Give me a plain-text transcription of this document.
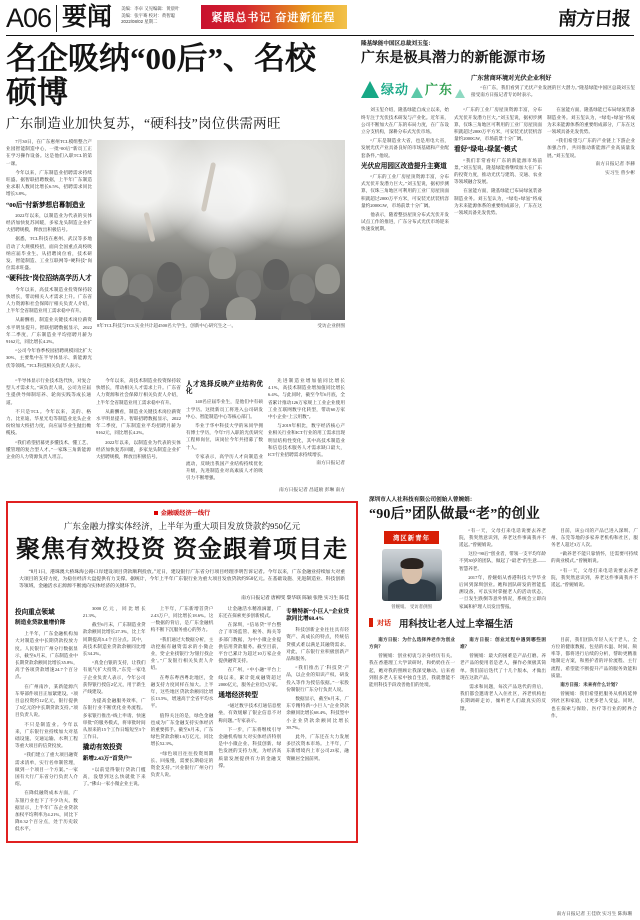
A06 要闻 美编：李卓 又见编辑：黄晨叶
美编：张宇骞 校对：黄智聪
2022/08/02 星期二	紧跟总书记 奋进新征程	南方日报
名企吸纳“00后”、名校硕博
广东制造业加快复苏，“硬科技”岗位供需两旺

7月30日，在广东惠州TCL模组整合产业园智能制造中心，一批“00后”新员工正在学习操作设备。这是他们入职TCL的第一课。

今年以来，广东制造业招聘需求持续旺盛。据智联招聘数据，上半年广东制造业求职人数同比增长6.5%，招聘需求同比增长3.8%。

“00后”付新梦想启幕制造业

2022年以来，以制造业为代表的实体经济加快复苏回暖，多家龙头制造企业扩大招聘规模，释放出积极信号。

据悉，TCL科技在惠州、武汉等多地启动了大规模校招，面向全国重点高校吸纳应届毕业生。从招聘岗位看，技术研发、智能制造、工业互联网等“硬科技”岗位需求旺盛。

“硬科技”岗位招纳高学历人才

今年以来，高技术制造业投资保持较快增长，带动相关人才需求上升。广东省人力资源和社会保障厅相关负责人介绍，上半年全省制造业用工需求稳中有升。

从薪酬看，制造业关键技术岗位薪资水平明显提升。智联招聘数据显示，2022年二季度，广东制造业平均招聘月薪为9162元，同比增长4.2%。

“公司今年春季校园招聘规模同比扩大30%，主要集中在半导体显示、新能源光伏等领域。”TCL科技相关负责人表示。

8年TCL科技与TCL实业共计超4500名大学生、创新中心研究生之一。	受访企业供图

“半导体显示行业技术迭代快，对复合型人才需求大。”该负责人说，公司为应届生提供导师制培养、轮岗实践等成长通道。

不只是TCL。今年以来，美的、格力、比亚迪、华星光电等制造业龙头企业纷纷加大校招力度，向应届毕业生抛出橄榄枝。

“我们希望招募更多懂技术、懂工艺、懂管理的复合型人才。”一家珠三角新能源企业的人力资源负责人坦言。

今年以来，高技术制造业投资保持较快增长，带动相关人才需求上升。广东省人力资源和社会保障厅相关负责人介绍，上半年全省制造业用工需求稳中有升。

从薪酬看，制造业关键技术岗位薪资水平明显提升。智联招聘数据显示，2022年二季度，广东制造业平均招聘月薪为9162元，同比增长4.2%。

2022年以来，以制造业为代表的实体经济加快复苏回暖，多家龙头制造企业扩大招聘规模，释放出积极信号。

人才选择反映产业结构优化

140名应届毕业生，是他们中有硕士学历。这批新员工将进入公司研发中心、智能制造中心等核心部门。

毕业于华中科技大学的朱同学拥有博士学历，今年7月入职的光伏研究工程师岗位，该岗位今年共招募了数十人。

专家表示，高学历人才向制造业流动，反映出我国产业结构持续优化升级，先进制造业对高素质人才的吸引力不断增强。

先进制造业增加值同比增长4.1%，高技术制造业增加值同比增长6.4%。与此同时，截至今年6月底，全省累计推动126万家规上工业企业使用工业互联网数字化转型，带动60万家中小企业“上云用数”。

与2019年相比，数字经济核心产业相关行业和ICT行业的用工需求出现明显结构性变化，其中高技术制造业和信息技术服务人才需求缺口最大，ICT行业招聘需求持续增长。

南方日报记者
南方日报记者 昌道励 彭琳 南方
隆基绿能中国区总裁刘玉玺：
广东是极具潜力的新能源市场
绿动 广东
广东营商环境对光伏企业利好

“在广东，我们看到了光伏产业发展的巨大潜力。”隆基绿能中国区总裁刘玉玺接受南方日报记者专访时表示。

刘玉玺介绍，隆基绿能自成立以来，始终专注于光伏技术研发与产业化。近年来，公司不断加大在广东的布局力度，在广东设立分支机构，深耕分布式光伏市场。

“广东是制造业大省，也是用电大省，发展光伏产业具备良好的市场基础和产业配套条件。”他说。

光伏应用园区改造提升主赛道

“广东的工业厂房屋顶资源丰富，分布式光伏开发潜力巨大。”刘玉玺说，据初步测算，仅珠三角地区可利用的工业厂房屋顶面积就超过2000万平方米，可安装光伏装机容量约2000GW，市场前景十分广阔。

他表示，随着整县屋顶分布式光伏开发试点工作的推进，广东分布式光伏市场迎来快速发展期。

“广东的工业厂房屋顶资源丰富，分布式光伏开发潜力巨大。”刘玉玺说，据初步测算，仅珠三角地区可利用的工业厂房屋顶面积就超过2000万平方米，可安装光伏装机容量约2000GW，市场前景十分广阔。

看好“绿电+绿氢”模式

“我们非常看好广东的新能源市场前景。”刘玉玺说，隆基绿能将继续加大在广东的投资力度，推动光伏与建筑、交通、农业等领域融合发展。

在氢能方面，隆基绿能已布局绿氢装备制造业务。刘玉玺认为，“绿电+绿氢”将成为未来能源体系的重要组成部分，广东在这一领域具备先发优势。

在氢能方面，隆基绿能已布局绿氢装备制造业务。刘玉玺认为，“绿电+绿氢”将成为未来能源体系的重要组成部分，广东在这一领域具备先发优势。

“我们希望与广东的产业链上下游企业加强合作，共同推动新能源产业高质量发展。”刘玉玺说。

南方日报记者 李赫
实习生 曾少彬
金融暖经济一线行
广东金融力撑实体经济，上半年为重大项目发放贷款约950亿元
聚焦有效投资 资金跟着项目走

“8月1日，港珠澳大桥珠海公路口岸建设项目贷款顺利投放。”近日，建设银行广东省分行项目经理李明告诉记者。今年以来，广东金融业持续加大对重大项目的支持力度，为稳住经济大盘提供有力支撑。据统计，今年上半年广东银行业为重大项目发放贷款约950亿元。在基础设施、先进制造业、科技创新等领域，金融活水正源源不断流向实体经济的关键环节。

南方日报记者 唐柳雯 黎华联 陈颖 张艳 实习生 陈佳
投向重点领域
制造业贷款量增价降

上半年，广东金融机构加大对制造业中长期贷款投放力度。人民银行广州分行数据显示，截至6月末，广东制造业中长期贷款余额同比增长35.8%，高于各项贷款增速24.7个百分点。

在广州南沙，某新能源汽车零部件项目正加紧建设。“项目总投资约12亿元，银行提供了5亿元的中长期贷款支持。”项目负责人说。

不只是制造业。今年以来，广东银行业持续加大对基础设施、交通运输、水利工程等重大项目的信贷投放。

“我们建立了重大项目融资需求清单，实行名单制管理，做到一个项目一个方案。”一家国有大行广东省分行负责人介绍。

在降低融资成本方面，广东银行业也下了不少功夫。数据显示，上半年广东企业贷款加权平均利率为4.21%，同比下降0.32个百分点，处于历史较低水平。

3000亿元，同比增长21.3%。

截至6月末，广东制造业贷款余额同比增长27.3%，比上年同期提高5.4个百分点。其中，高技术制造业贷款余额同比增长34.2%。

“真金白银的支持，让我们有底气扩大投资。”东莞一家电子企业负责人表示，今年公司获得银行授信2亿元，用于新生产线建设。

为提高金融服务效率，广东银行业不断优化业务流程。多家银行推出“线上申请、快速审批”的服务模式，将审批时间从原来的15个工作日缩短至3个工作日。

撬动有效投资
新增2.43万“首贷户”

“以前觉得银行贷款门槛高，没想到这么快就批下来了。”佛山一家小微企业主说。

上半年，广东新增首贷户2.43万户，同比增长18.6%。这一数据的背后，是广东金融机构不断下沉服务重心的努力。

“我们通过大数据分析，主动挖掘有融资需求的小微企业，变'企业找银行'为'银行找企业'。”广发银行相关负责人介绍。

在粤东粤西粤北地区，金融支持力度同样在加大。上半年，这些地区贷款余额同比增长13.5%，增速高于全省平均水平。

值得关注的是，绿色金融也成为广东金融支持实体经济的重要抓手。截至6月末，广东绿色贷款余额1.6万亿元，同比增长52.3%。

“绿色项目往往投资周期长、回报慢，需要长期稳定的资金支持。”兴业银行广州分行负责人说。

让金融活水精准滴灌，广东还在探索更多创新模式。

在深圳，“信易贷”平台整合了市场监管、税务、海关等多部门数据，为中小微企业提供信用贷款服务。截至目前，平台已累计为超过10万家企业提供融资支持。

在广州，“中小融”平台上线以来，累计促成融资超过2000亿元，服务企业近5万家。

通堵经济转型

“通过数字技术打通信息壁垒，有效缓解了银企信息不对称问题。”专家表示。

下一步，广东将继续引导金融机构加大对实体经济特别是中小微企业、科技创新、绿色发展的支持力度，为经济高质量发展提供有力的金融支撑。

专精特新“小巨人”企业贷款同比增68.4%

科技创新企业往往具有轻资产、高成长的特点，传统信贷模式难以满足其融资需求。对此，广东银行业积极创新产品和服务。

“我们推出了'科技贷'产品，以企业的知识产权、研发投入等作为授信依据。”一家股份制银行广东分行负责人说。

数据显示，截至6月末，广东专精特新“小巨人”企业贷款余额同比增长68.4%，科技型中小企业贷款余额同比增长39.7%。

此外，广东还在大力发展多层次资本市场。上半年，广东新增境内上市公司23家，融资额居全国前列。

深圳市人人社科技有限公司创始人曾婉娟：
“90后”团队做最“老”的创业
湾区新青年
曾婉娟。 受访者供图

“有一天，父母打来电话说要去养老院，我突然意识到，养老这件事离我并不遥远。”曾婉娟说。

这位“90后”创业者，带领一支平均年龄不到30岁的团队，做起了“最老”的生意——智慧养老。

2017年，曾婉娟从香港科技大学毕业后回到深圳创业。她和团队研发的智能监测设备，可以实时掌握老人的活动状态，一旦发生跌倒等意外情况，系统会立即向家属和护理人员发出警报。

目前，该公司的产品已进入深圳、广州、东莞等地的多家养老机构和社区，服务老人超过3万人次。

“做养老不能只靠情怀，还需要可持续的商业模式。”曾婉娟说。

“有一天，父母打来电话说要去养老院，我突然意识到，养老这件事离我并不遥远。”曾婉娟说。

对话 用科技让老人过上幸福生活

南方日报：为什么选择养老作为创业方向？

曾婉娟：创业初衷与亲身经历有关。我在香港理工大学读研时，和奶奶住在一起，她对我的照顾让我深受触动。后来看到很多老人在家中独自生活，我就想能不能用科技手段改善他们的处境。

南方日报：创业过程中遇到哪些困难？

曾婉娟：最大的困难是产品打磨。养老产品的使用者是老人，操作必须极其简单。我们前后迭代了十几个版本，才做出现在这款产品。

需求和问题，每次产品迭代的背后，我们都会邀请老人入住社区，养老机构也长期调研走访，倾听老人们最真实的反馈。

目前，我们团队年轻人关于老人、全方位的健康数据，包括的水温、时间、频率等，都将进行后续的分析，帮助更精准地制定方案，和照护者的评价流程、主行流程，希望能不断提升产品的服务效能和质量。

南方日报：未来有什么计划？

曾婉娟：我们希望把服务从机构延伸到社区和家庭，让更多老人受益。同时，也在探索与保险、医疗等行业的跨界合作。

南方日报记者 王佳欣 实习生 陈海珊
